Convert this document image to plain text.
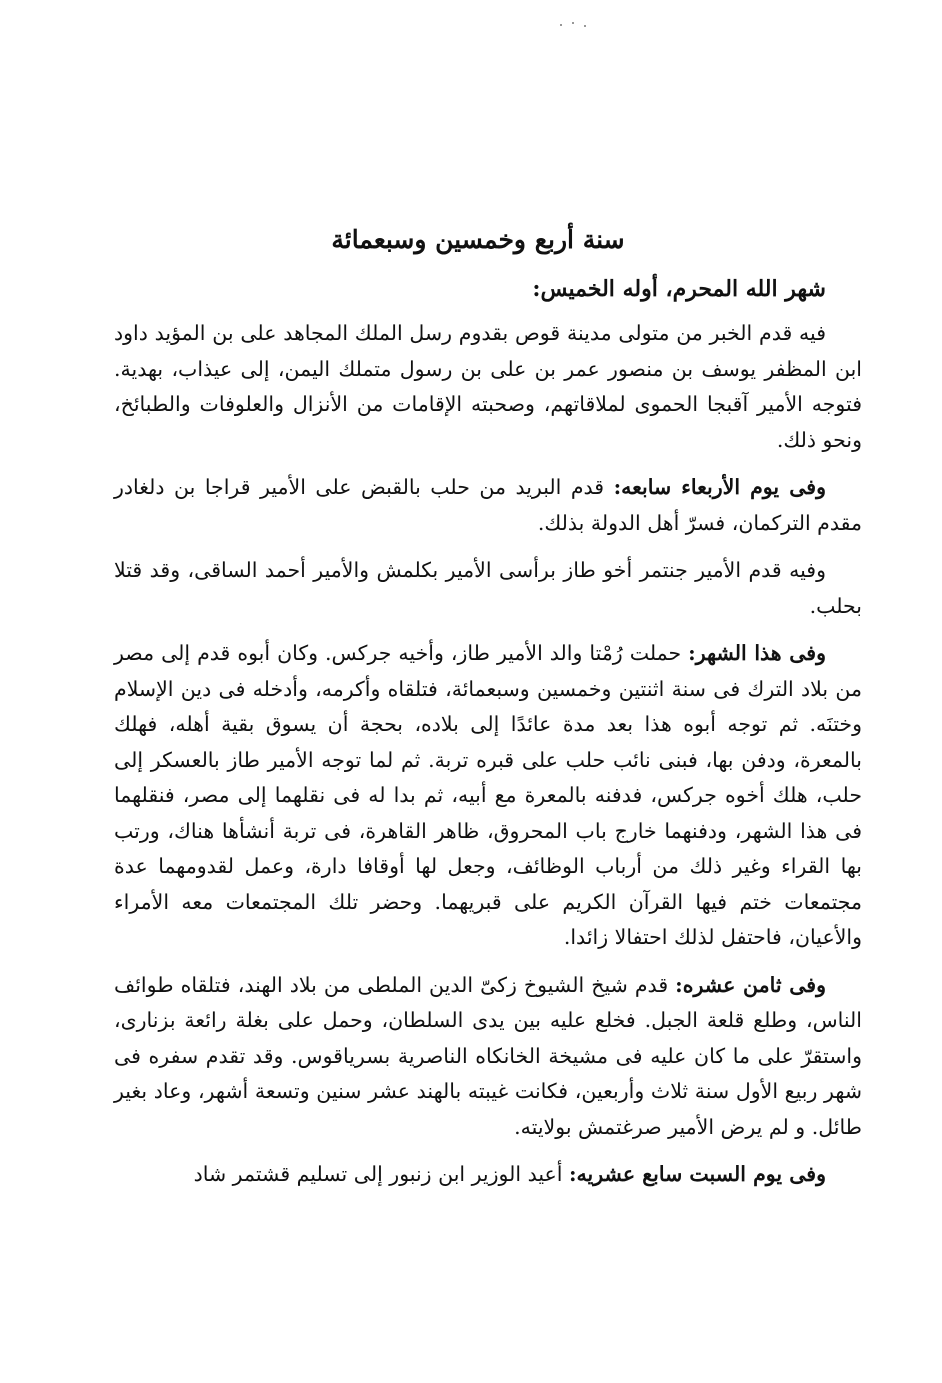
سنة أربع وخمسين وسبعمائة
شهر الله المحرم، أوله الخميس:

فيه قدم الخبر من متولى مدينة قوص بقدوم رسل الملك المجاهد على بن المؤيد داود ابن المظفر يوسف بن منصور عمر بن على بن رسول متملك اليمن، إلى عيذاب، بهدية. فتوجه الأمير آقبجا الحموى لملاقاتهم، وصحبته الإقامات من الأنزال والعلوفات والطبائخ، ونحو ذلك.

وفى يوم الأربعاء سابعه: قدم البريد من حلب بالقبض على الأمير قراجا بن دلغادر مقدم التركمان، فسرّ أهل الدولة بذلك.

وفيه قدم الأمير جنتمر أخو طاز برأسى الأمير بكلمش والأمير أحمد الساقى، وقد قتلا بحلب.

وفى هذا الشهر: حملت رُمْتا والد الأمير طاز، وأخيه جركس. وكان أبوه قدم إلى مصر من بلاد الترك فى سنة اثنتين وخمسين وسبعمائة، فتلقاه وأكرمه، وأدخله فى دين الإسلام وختنَه. ثم توجه أبوه هذا بعد مدة عائدًا إلى بلاده، بحجة أن يسوق بقية أهله، فهلك بالمعرة، ودفن بها، فبنى نائب حلب على قبره تربة. ثم لما توجه الأمير طاز بالعسكر إلى حلب، هلك أخوه جركس، فدفنه بالمعرة مع أبيه، ثم بدا له فى نقلهما إلى مصر، فنقلهما فى هذا الشهر، ودفنهما خارج باب المحروق، ظاهر القاهرة، فى تربة أنشأها هناك، ورتب بها القراء وغير ذلك من أرباب الوظائف، وجعل لها أوقافا دارة، وعمل لقدومهما عدة مجتمعات ختم فيها القرآن الكريم على قبريهما. وحضر تلك المجتمعات معه الأمراء والأعيان، فاحتفل لذلك احتفالا زائدا.

وفى ثامن عشره: قدم شيخ الشيوخ زكىّ الدين الملطى من بلاد الهند، فتلقاه طوائف الناس، وطلع قلعة الجبل. فخلع عليه بين يدى السلطان، وحمل على بغلة رائعة بزنارى، واستقرّ على ما كان عليه فى مشيخة الخانكاه الناصرية بسرياقوس. وقد تقدم سفره فى شهر ربيع الأول سنة ثلاث وأربعين، فكانت غيبته بالهند عشر سنين وتسعة أشهر، وعاد بغير طائل. و لم يرض الأمير صرغتمش بولايته.

وفى يوم السبت سابع عشريه: أعيد الوزير ابن زنبور إلى تسليم قشتمر شاد
